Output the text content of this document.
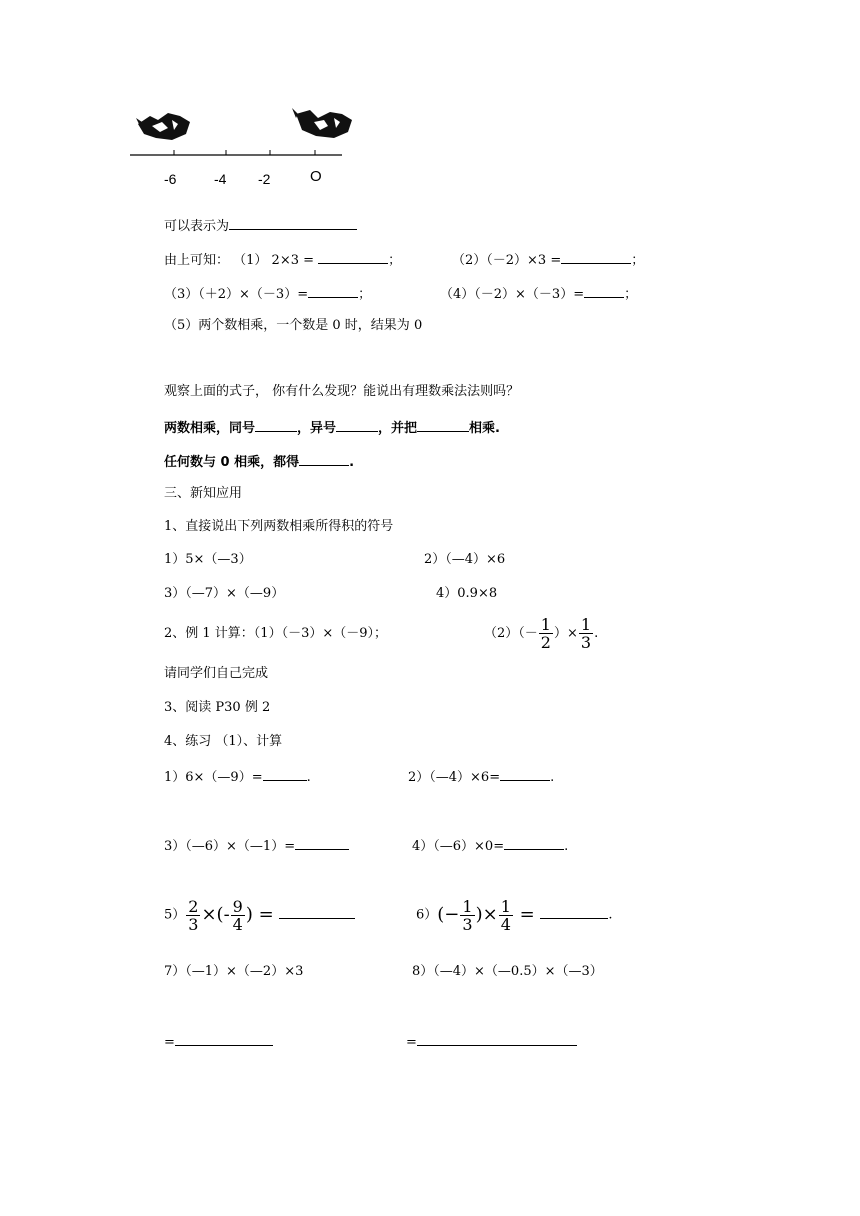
-6	-4 -2	O
可以表示为
由上可知： （1） 2×3 =	；	（2）（－2）×3 =	；
（3）（＋2）×（－3）=	；	（4）（－2）×（－3）=	；
（5）两个数相乘，一个数是 0 时，结果为 0
观察上面的式子， 你有什么发现？能说出有理数乘法法则吗？
两数相乘，同号	，异号	，并把	相乘.
任何数与 0 相乘，都得	.
三、新知应用
1、直接说出下列两数相乘所得积的符号
1）5×（—3）	2）（—4）×6
3）（—7）×（—9）	4）0.9×8
2、例 1 计算：（1）（－3）×（－9）；	$(2)(- \frac{1}{2}$ ）× $\frac{1}{3}$ .
请同学们自己完成
3、阅读 P30 例 2
4、练习 （1）、计算
1）6×（—9）=	.	2）（—4）×6=	.
3）（—6）×（—1）=	4）（—6）×0=	.
$5) \frac{2}{3}$ ×(- $\frac{9}{4}$ ) =	$6)(- \frac{1}{3}$ )× $\frac{1}{4}$ =	.
7）（—1）×（—2）×3	8）（—4）×（—0.5）×（—3）
=	=
